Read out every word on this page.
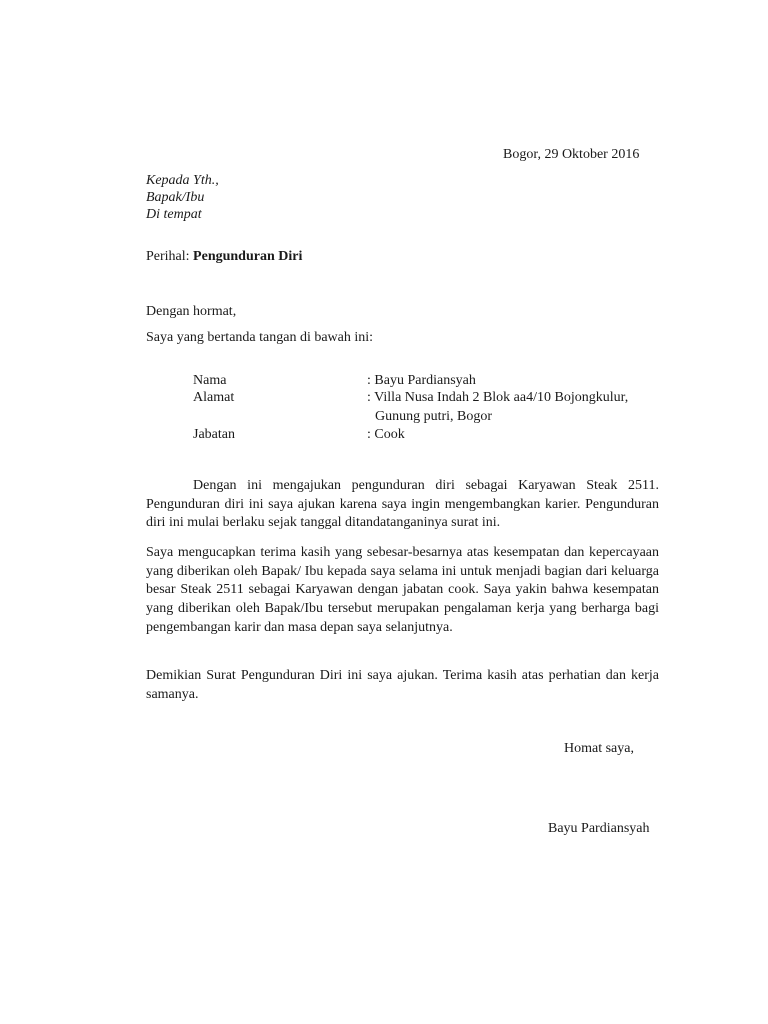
Bogor, 29 Oktober 2016
Kepada Yth.,
Bapak/Ibu
Di tempat
Perihal: Pengunduran Diri
Dengan hormat,
Saya yang bertanda tangan di bawah ini:
Nama	: Bayu Pardiansyah
Alamat	: Villa Nusa Indah 2 Blok aa4/10 Bojongkulur,
Gunung putri, Bogor
Jabatan	: Cook

Dengan ini mengajukan pengunduran diri sebagai Karyawan Steak 2511. Pengunduran diri ini saya ajukan karena saya ingin mengembangkan karier. Pengunduran diri ini mulai berlaku sejak tanggal ditandatanganinya surat ini.

Saya mengucapkan terima kasih yang sebesar-besarnya atas kesempatan dan kepercayaan yang diberikan oleh Bapak/ Ibu kepada saya selama ini untuk menjadi bagian dari keluarga besar Steak 2511 sebagai Karyawan dengan jabatan cook. Saya yakin bahwa kesempatan yang diberikan oleh Bapak/Ibu tersebut merupakan pengalaman kerja yang berharga bagi pengembangan karir dan masa depan saya selanjutnya.

Demikian Surat Pengunduran Diri ini saya ajukan. Terima kasih atas perhatian dan kerja samanya.

Homat saya,
Bayu Pardiansyah
